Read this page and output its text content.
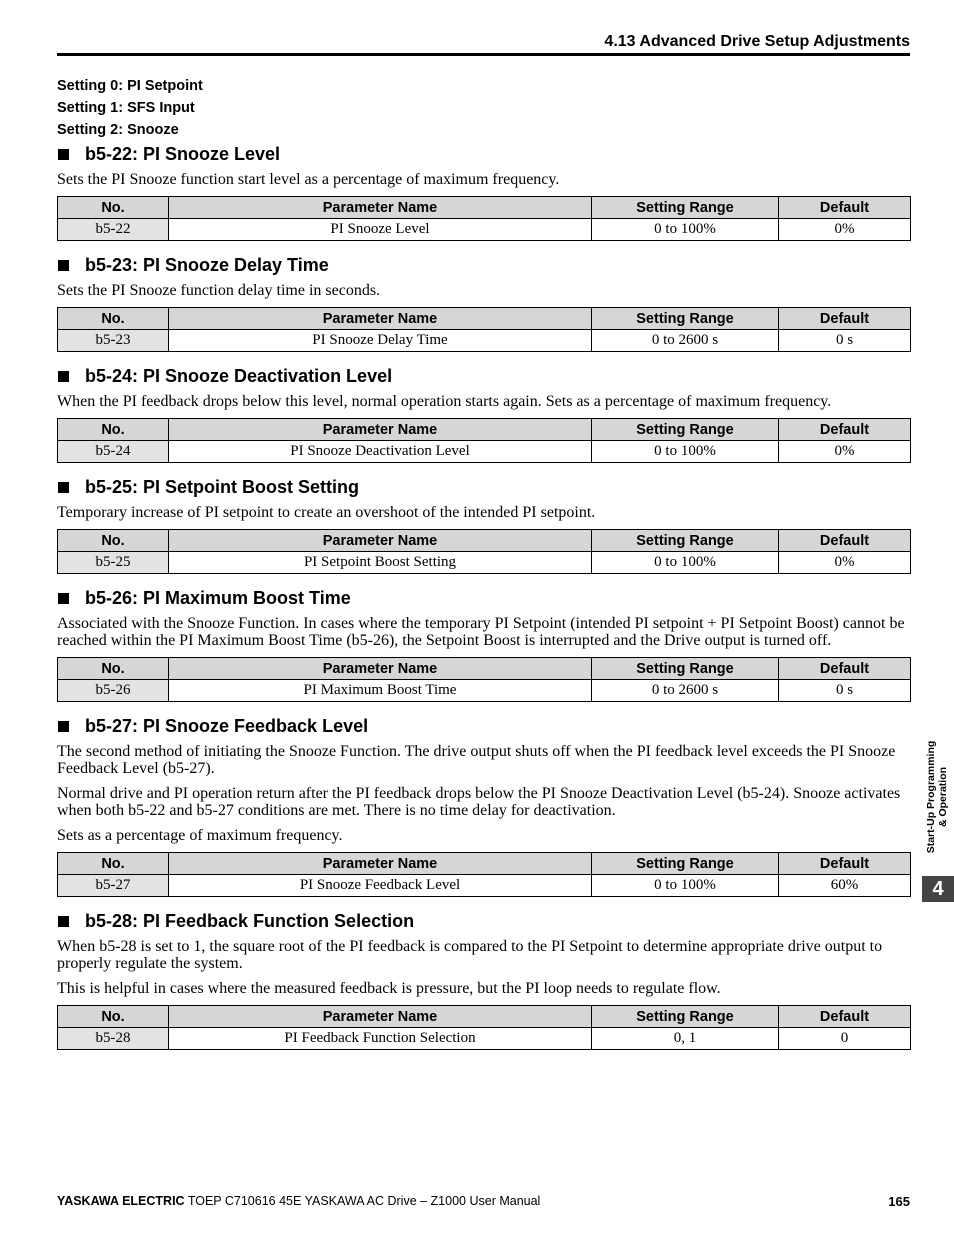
4.13 Advanced Drive Setup Adjustments

Setting 0: PI Setpoint

Setting 1: SFS Input

Setting 2: Snooze

b5-22: PI Snooze Level

Sets the PI Snooze function start level as a percentage of maximum frequency.

No.	Parameter Name	Setting Range	Default
b5-22	PI Snooze Level	0 to 100%	0%
b5-23: PI Snooze Delay Time

Sets the PI Snooze function delay time in seconds.

No.	Parameter Name	Setting Range	Default
b5-23	PI Snooze Delay Time	0 to 2600 s	0 s
b5-24: PI Snooze Deactivation Level

When the PI feedback drops below this level, normal operation starts again. Sets as a percentage of maximum frequency.

No.	Parameter Name	Setting Range	Default
b5-24	PI Snooze Deactivation Level	0 to 100%	0%
b5-25: PI Setpoint Boost Setting

Temporary increase of PI setpoint to create an overshoot of the intended PI setpoint.

No.	Parameter Name	Setting Range	Default
b5-25	PI Setpoint Boost Setting	0 to 100%	0%
b5-26: PI Maximum Boost Time

Associated with the Snooze Function. In cases where the temporary PI Setpoint (intended PI setpoint + PI Setpoint Boost) cannot be reached within the PI Maximum Boost Time (b5-26), the Setpoint Boost is interrupted and the Drive output is turned off.

No.	Parameter Name	Setting Range	Default
b5-26	PI Maximum Boost Time	0 to 2600 s	0 s
b5-27: PI Snooze Feedback Level

The second method of initiating the Snooze Function. The drive output shuts off when the PI feedback level exceeds the PI Snooze Feedback Level (b5-27).

Normal drive and PI operation return after the PI feedback drops below the PI Snooze Deactivation Level (b5-24). Snooze activates when both b5-22 and b5-27 conditions are met. There is no time delay for deactivation.

Sets as a percentage of maximum frequency.

No.	Parameter Name	Setting Range	Default
b5-27	PI Snooze Feedback Level	0 to 100%	60%
b5-28: PI Feedback Function Selection

When b5-28 is set to 1, the square root of the PI feedback is compared to the PI Setpoint to determine appropriate drive output to properly regulate the system.

This is helpful in cases where the measured feedback is pressure, but the PI loop needs to regulate flow.

No.	Parameter Name	Setting Range	Default
b5-28	PI Feedback Function Selection	0, 1	0
Start-Up Programming & Operation
4
YASKAWA ELECTRIC TOEP C710616 45E YASKAWA AC Drive – Z1000 User Manual	165
